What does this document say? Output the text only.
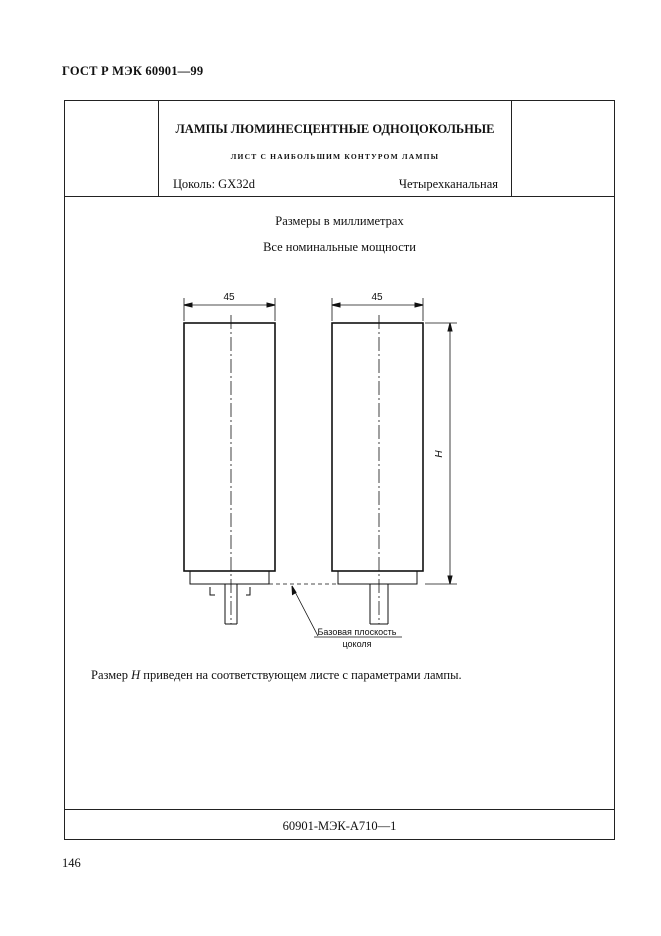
ГОСТ Р МЭК 60901—99
ЛАМПЫ ЛЮМИНЕСЦЕНТНЫЕ ОДНОЦОКОЛЬНЫЕ
ЛИСТ С НАИБОЛЬШИМ КОНТУРОМ ЛАМПЫ
Цоколь: GX32d	Четырехканальная
Размеры в миллиметрах
Все номинальные мощности
Размер H приведен на соответствующем листе с параметрами лампы.
60901-МЭК-А710—1
45	45
H
Базовая плоскость
цоколя
146
